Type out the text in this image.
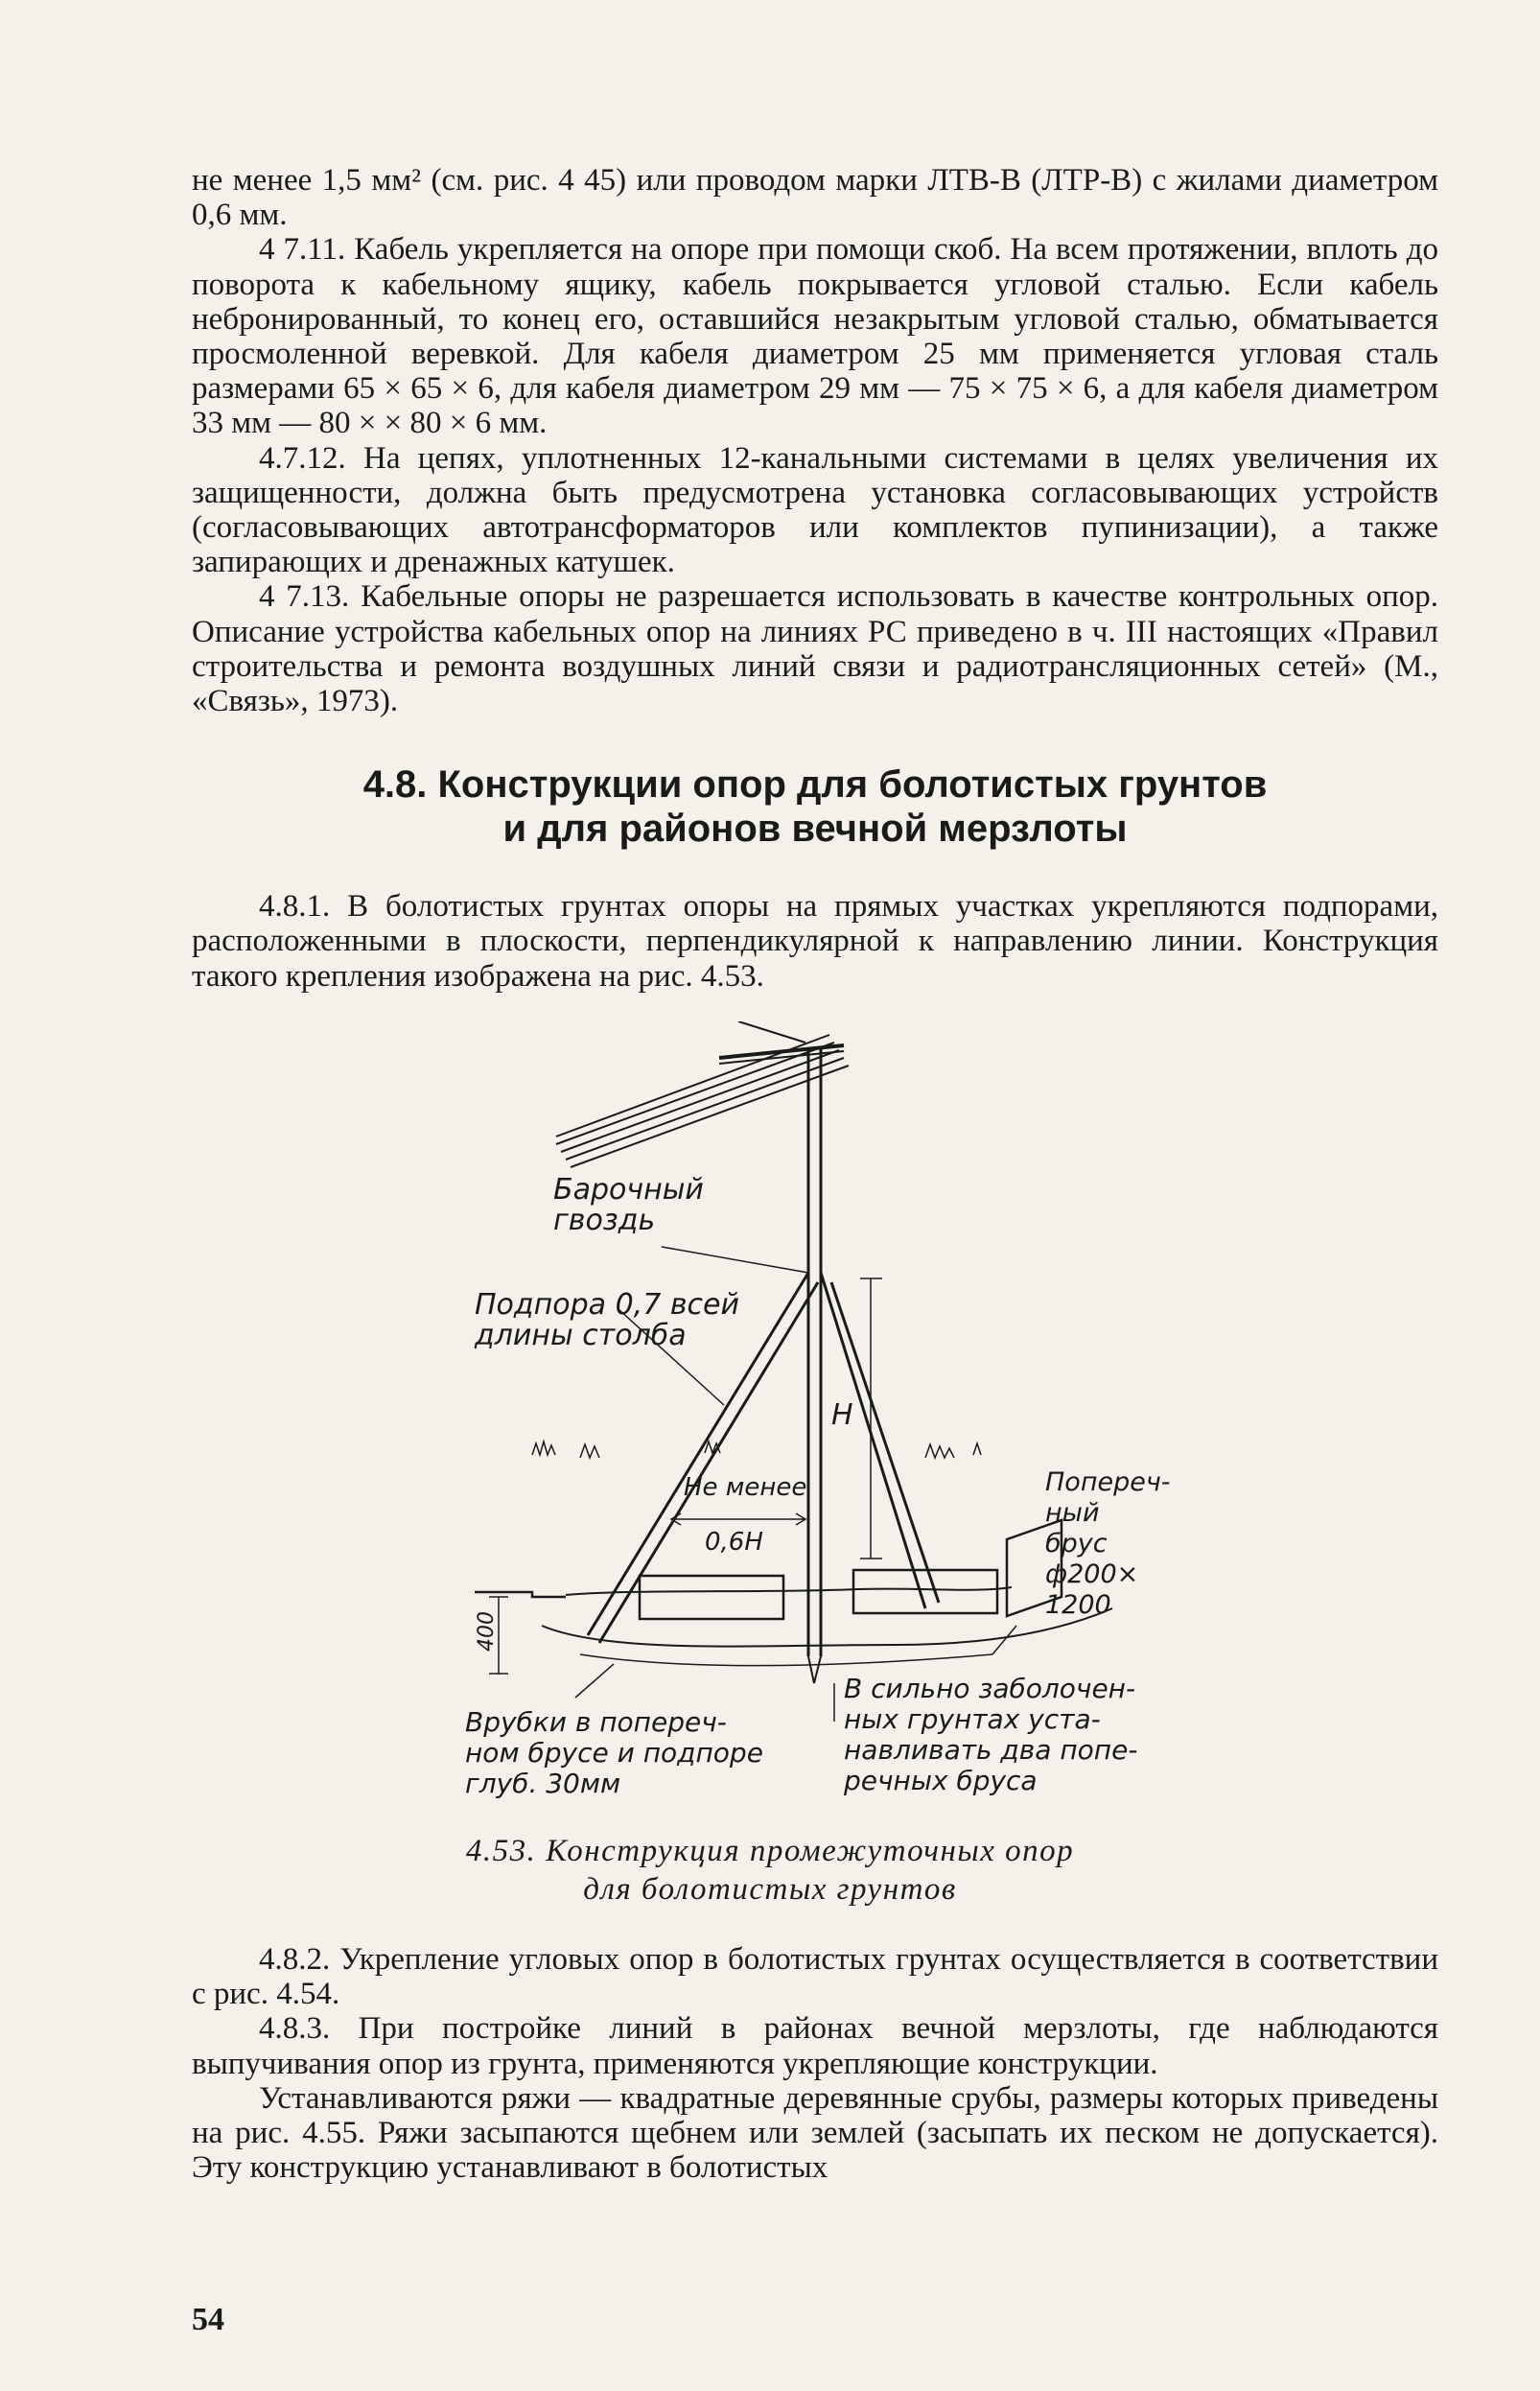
не менее 1,5 мм² (см. рис. 4 45) или проводом марки ЛТВ-В (ЛТР-В) с жилами диаметром 0,6 мм.

4 7.11. Кабель укрепляется на опоре при помощи скоб. На всем протяжении, вплоть до поворота к кабельному ящику, кабель покрывается угловой сталью. Если кабель небронированный, то конец его, оставшийся незакрытым угловой сталью, обматывается просмоленной веревкой. Для кабеля диаметром 25 мм применяется угловая сталь размерами 65 × 65 × 6, для кабеля диаметром 29 мм — 75 × 75 × 6, а для кабеля диаметром 33 мм — 80 × × 80 × 6 мм.

4.7.12. На цепях, уплотненных 12-канальными системами в целях увеличения их защищенности, должна быть предусмотрена установка согласовывающих устройств (согласовывающих автотрансформаторов или комплектов пупинизации), а также запирающих и дренажных катушек.

4 7.13. Кабельные опоры не разрешается использовать в качестве контрольных опор. Описание устройства кабельных опор на линиях РС приведено в ч. III настоящих «Правил строительства и ремонта воздушных линий связи и радиотрансляционных сетей» (М., «Связь», 1973).

4.8. Конструкции опор для болотистых грунтов
и для районов вечной мерзлоты

4.8.1. В болотистых грунтах опоры на прямых участках укрепляются подпорами, расположенными в плоскости, перпендикулярной к направлению линии. Конструкция такого крепления изображена на рис. 4.53.

Барочный
гвоздь
Подпора 0,7 всей
длины столба
H
Не менее
0,6H
Попереч-
ный
брус ф200×
1200
400
Врубки в попереч-
ном брусе и подпоре
глуб. 30мм
В сильно заболочен-
ных грунтах уста-
навливать два попе-
речных бруса
4.53. Конструкция промежуточных опор
для болотистых грунтов

4.8.2. Укрепление угловых опор в болотистых грунтах осуществляется в соответствии с рис. 4.54.

4.8.3. При постройке линий в районах вечной мерзлоты, где наблюдаются выпучивания опор из грунта, применяются укрепляющие конструкции.

Устанавливаются ряжи — квадратные деревянные срубы, размеры которых приведены на рис. 4.55. Ряжи засыпаются щебнем или землей (засыпать их песком не допускается). Эту конструкцию устанавливают в болотистых

54
